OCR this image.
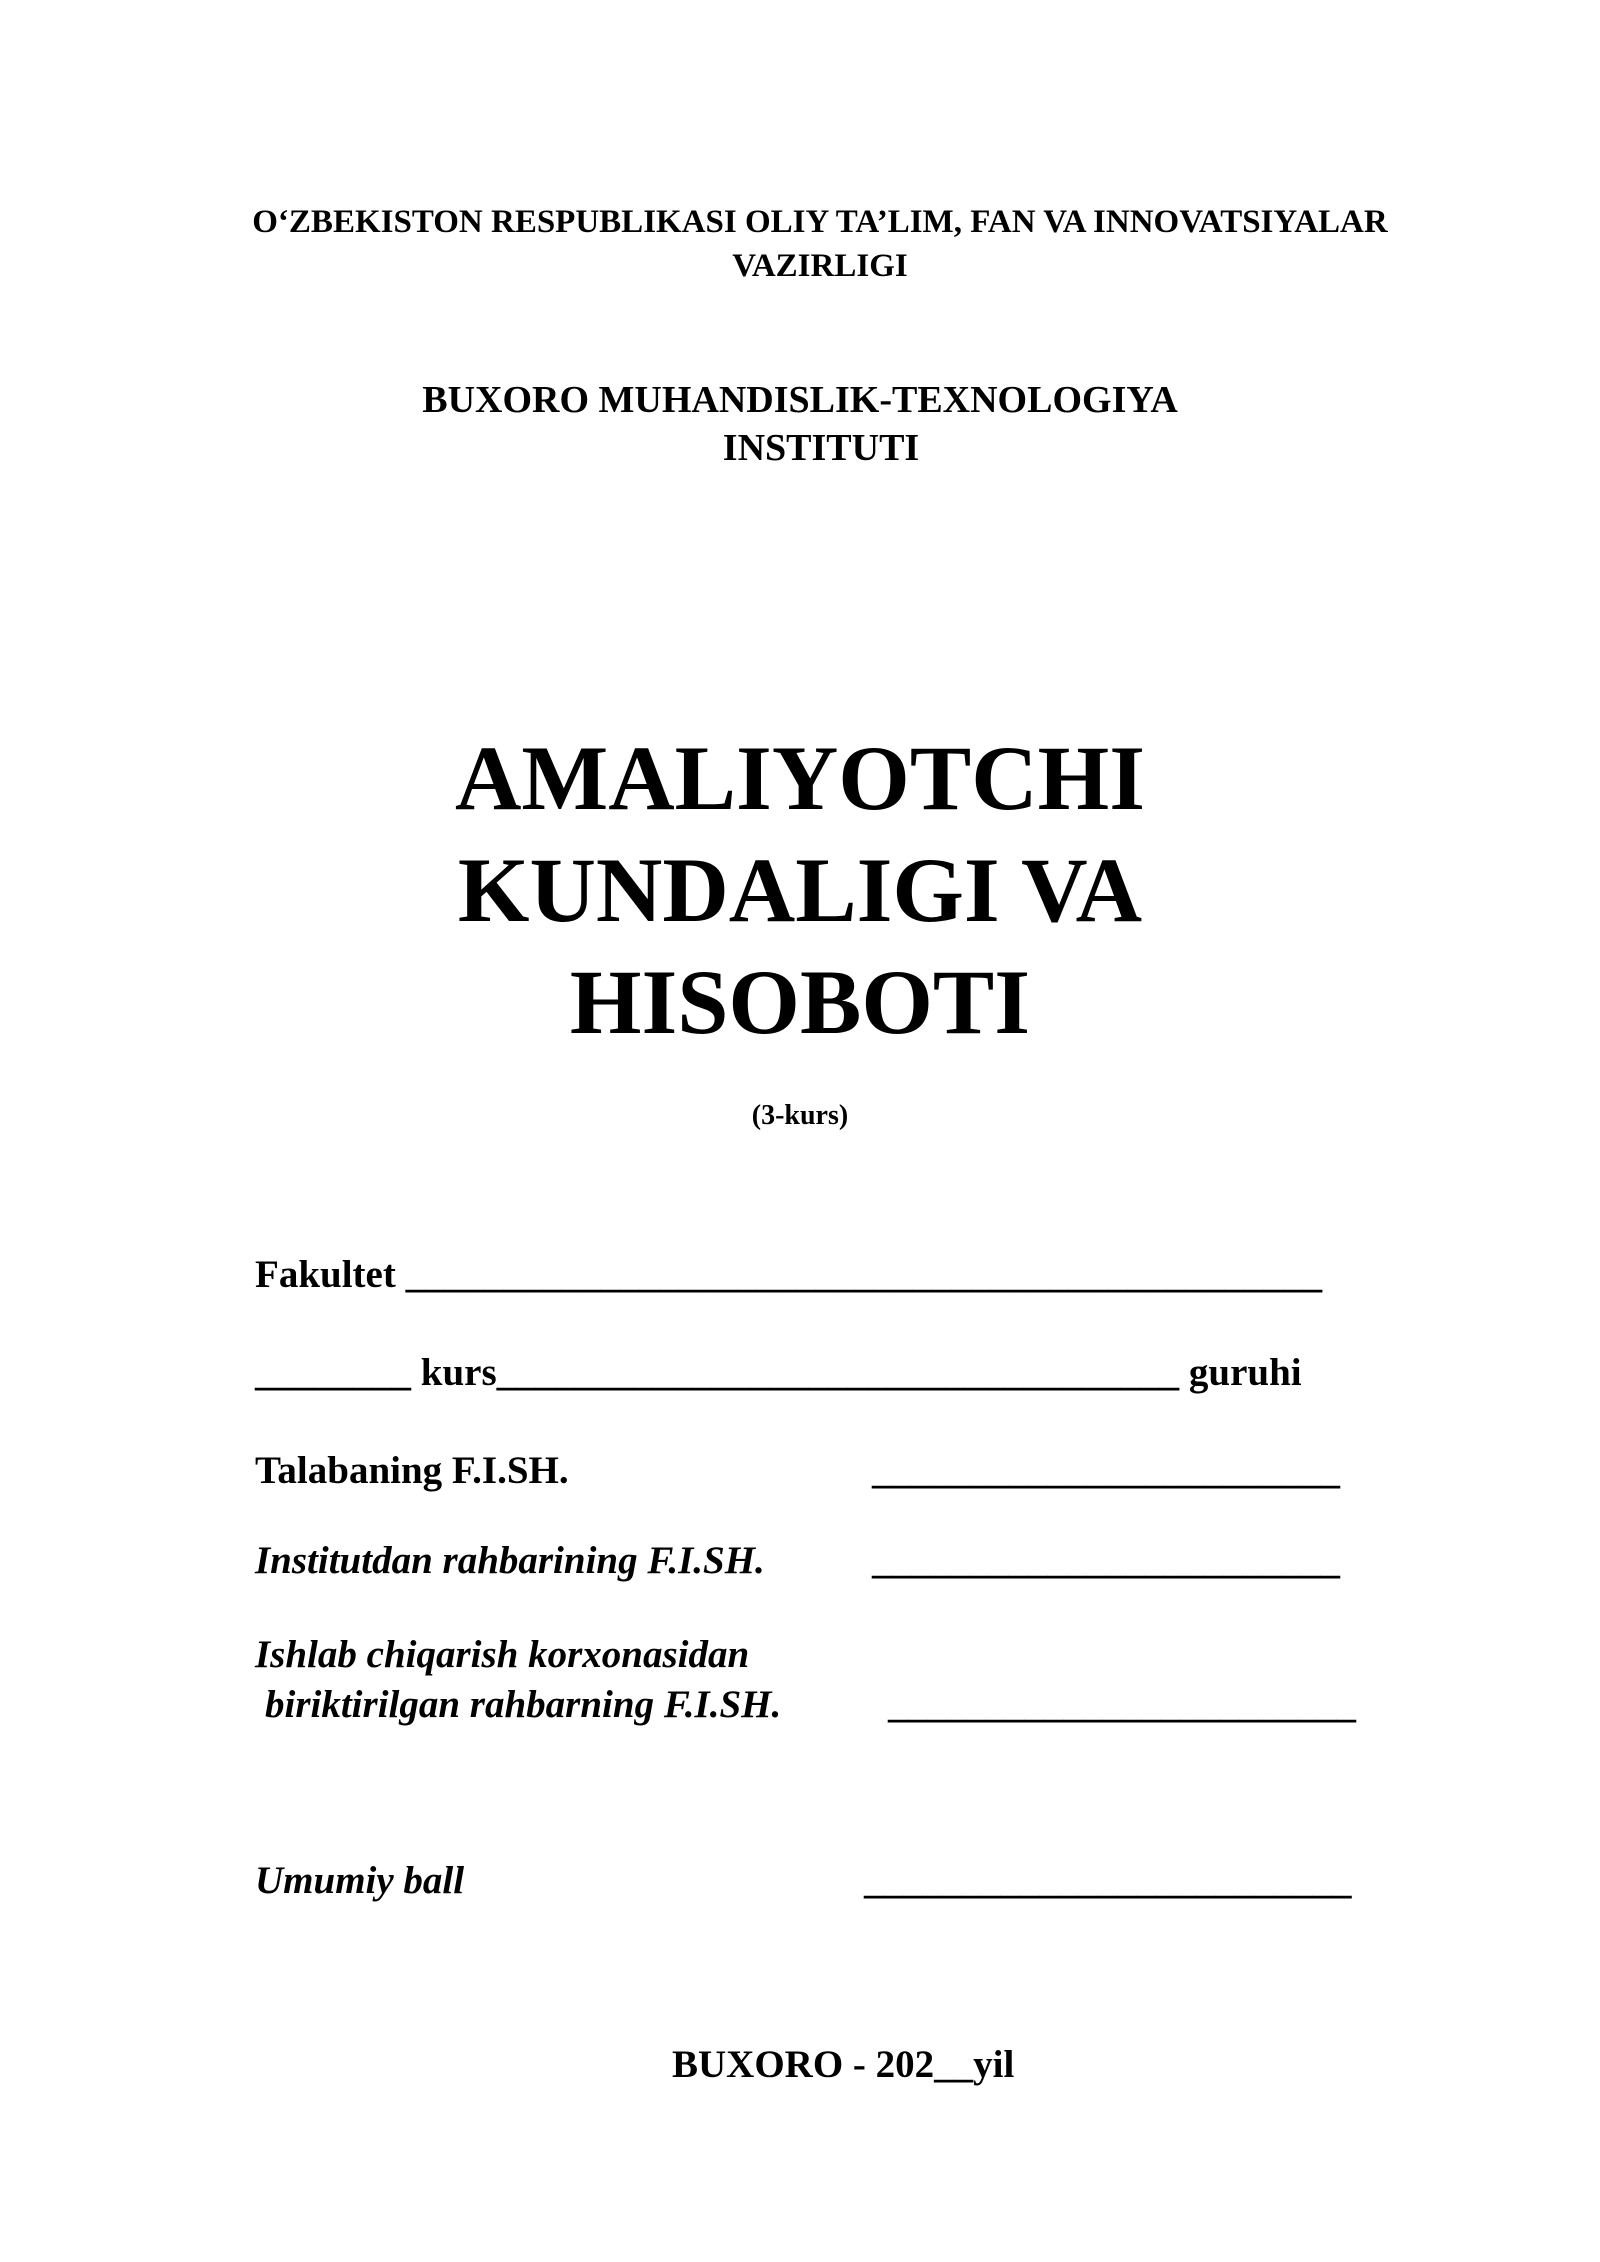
O‘ZBEKISTON RESPUBLIKASI OLIY TA’LIM, FAN VA INNOVATSIYALAR
VAZIRLIGI
BUXORO MUHANDISLIK-TEXNOLOGIYA
INSTITUTI
AMALIYOTCHI
KUNDALIGI VA
HISOBOTI
(3-kurs)
Fakultet _______________________________________________
________ kurs___________________________________ guruhi
Talabaning F.I.SH.	________________________
Institutdan rahbarining F.I.SH.	________________________
Ishlab chiqarish korxonasidan
biriktirilgan rahbarning F.I.SH.	________________________
Umumiy ball	_________________________
BUXORO - 202__yil
